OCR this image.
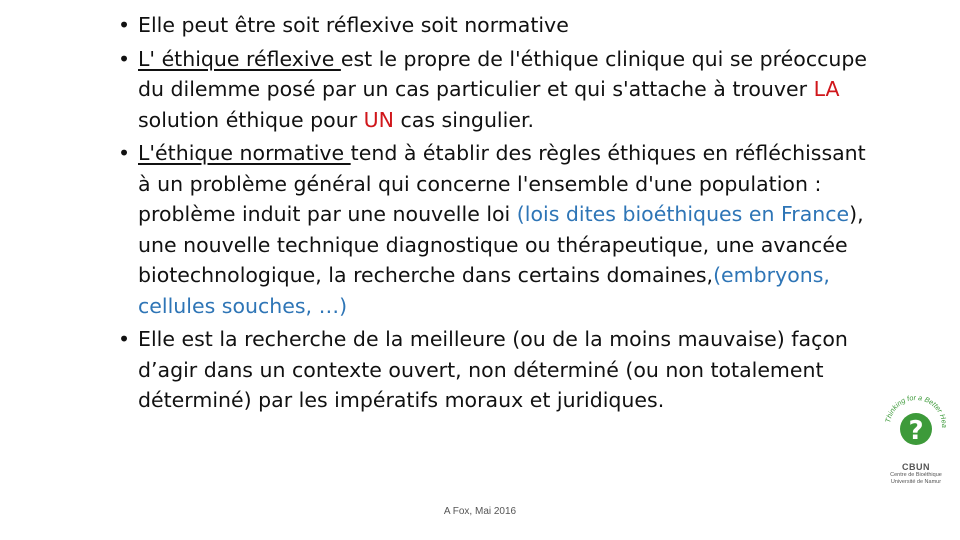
• Elle peut être soit réflexive soit normative
• L' éthique réflexive est le propre de l'éthique clinique qui se préoccupe du dilemme posé par un cas particulier et qui s'attache à trouver LA solution éthique pour UN cas singulier.
• L'éthique normative tend à établir des règles éthiques en réfléchissant à un problème général qui concerne l'ensemble d'une population : problème induit par une nouvelle loi (lois dites bioéthiques en France), une nouvelle technique diagnostique ou thérapeutique, une avancée biotechnologique, la recherche dans certains domaines,(embryons, cellules souches, …)
• Elle est la recherche de la meilleure (ou de la moins mauvaise) façon d’agir dans un contexte ouvert, non déterminé (ou non totalement déterminé) par les impératifs moraux et juridiques.
Thinking for a Better Hea
?
CBUN
Centre de Bioéthique
Université de Namur
A Fox, Mai 2016
